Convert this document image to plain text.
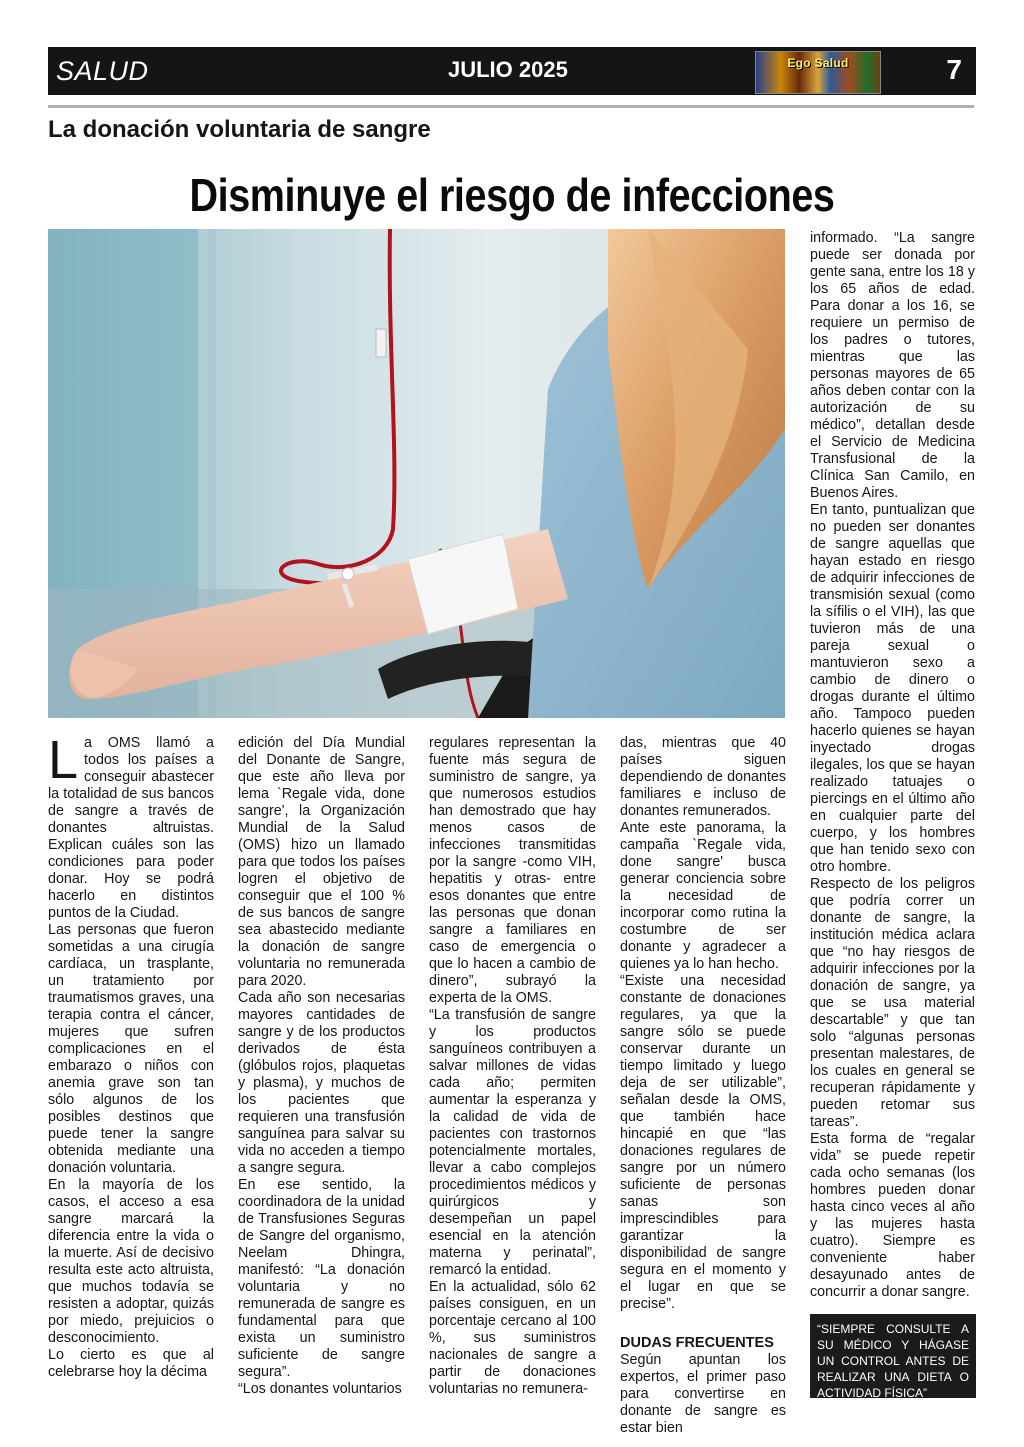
SALUD	JULIO 2025	Ego Salud	7
La donación voluntaria de sangre
Disminuye el riesgo de infecciones

La OMS llamó a todos los países a conseguir abastecer la totalidad de sus bancos de sangre a través de donantes altruistas. Explican cuáles son las condiciones para poder donar. Hoy se podrá hacerlo en distintos puntos de la Ciudad.

Las personas que fueron sometidas a una cirugía cardíaca, un trasplante, un tratamiento por traumatismos graves, una terapia contra el cáncer, mujeres que sufren complicaciones en el embarazo o niños con anemia grave son tan sólo algunos de los posibles destinos que puede tener la sangre obtenida mediante una donación voluntaria.

En la mayoría de los casos, el acceso a esa sangre marcará la diferencia entre la vida o la muerte. Así de decisivo resulta este acto altruista, que muchos todavía se resisten a adoptar, quizás por miedo, prejuicios o desconocimiento.

Lo cierto es que al celebrarse hoy la décima

edición del Día Mundial del Donante de Sangre, que este año lleva por lema `Regale vida, done sangre', la Organización Mundial de la Salud (OMS) hizo un llamado para que todos los países logren el objetivo de conseguir que el 100 % de sus bancos de sangre sea abastecido mediante la donación de sangre voluntaria no remunerada para 2020.

Cada año son necesarias mayores cantidades de sangre y de los productos derivados de ésta (glóbulos rojos, plaquetas y plasma), y muchos de los pacientes que requieren una transfusión sanguínea para salvar su vida no acceden a tiempo a sangre segura.

En ese sentido, la coordinadora de la unidad de Transfusiones Seguras de Sangre del organismo, Neelam Dhingra, manifestó: “La donación voluntaria y no remunerada de sangre es fundamental para que exista un suministro suficiente de sangre segura”.

“Los donantes voluntarios

regulares representan la fuente más segura de suministro de sangre, ya que numerosos estudios han demostrado que hay menos casos de infecciones transmitidas por la sangre -como VIH, hepatitis y otras- entre esos donantes que entre las personas que donan sangre a familiares en caso de emergencia o que lo hacen a cambio de dinero”, subrayó la experta de la OMS.

“La transfusión de sangre y los productos sanguíneos contribuyen a salvar millones de vidas cada año; permiten aumentar la esperanza y la calidad de vida de pacientes con trastornos potencialmente mortales, llevar a cabo complejos procedimientos médicos y quirúrgicos y desempeñan un papel esencial en la atención materna y perinatal”, remarcó la entidad.

En la actualidad, sólo 62 países consiguen, en un porcentaje cercano al 100 %, sus suministros nacionales de sangre a partir de donaciones voluntarias no remunera-

das, mientras que 40 países siguen dependiendo de donantes familiares e incluso de donantes remunerados.

Ante este panorama, la campaña `Regale vida, done sangre' busca generar conciencia sobre la necesidad de incorporar como rutina la costumbre de ser donante y agradecer a quienes ya lo han hecho.

“Existe una necesidad constante de donaciones regulares, ya que la sangre sólo se puede conservar durante un tiempo limitado y luego deja de ser utilizable”, señalan desde la OMS, que también hace hincapié en que “las donaciones regulares de sangre por un número suficiente de personas sanas son imprescindibles para garantizar la disponibilidad de sangre segura en el momento y el lugar en que se precise”.

DUDAS FRECUENTES

Según apuntan los expertos, el primer paso para convertirse en donante de sangre es estar bien

informado. “La sangre puede ser donada por gente sana, entre los 18 y los 65 años de edad. Para donar a los 16, se requiere un permiso de los padres o tutores, mientras que las personas mayores de 65 años deben contar con la autorización de su médico”, detallan desde el Servicio de Medicina Transfusional de la Clínica San Camilo, en Buenos Aires.

En tanto, puntualizan que no pueden ser donantes de sangre aquellas que hayan estado en riesgo de adquirir infecciones de transmisión sexual (como la sífilis o el VIH), las que tuvieron más de una pareja sexual o mantuvieron sexo a cambio de dinero o drogas durante el último año. Tampoco pueden hacerlo quienes se hayan inyectado drogas ilegales, los que se hayan realizado tatuajes o piercings en el último año en cualquier parte del cuerpo, y los hombres que han tenido sexo con otro hombre.

Respecto de los peligros que podría correr un donante de sangre, la institución médica aclara que “no hay riesgos de adquirir infecciones por la donación de sangre, ya que se usa material descartable” y que tan solo “algunas personas presentan malestares, de los cuales en general se recuperan rápidamente y pueden retomar sus tareas”.

Esta forma de “regalar vida” se puede repetir cada ocho semanas (los hombres pueden donar hasta cinco veces al año y las mujeres hasta cuatro). Siempre es conveniente haber desayunado antes de concurrir a donar sangre.

“SIEMPRE CONSULTE A SU MÉDICO Y HÁGASE UN CONTROL ANTES DE REALIZAR UNA DIETA O ACTIVIDAD FÍSICA”
